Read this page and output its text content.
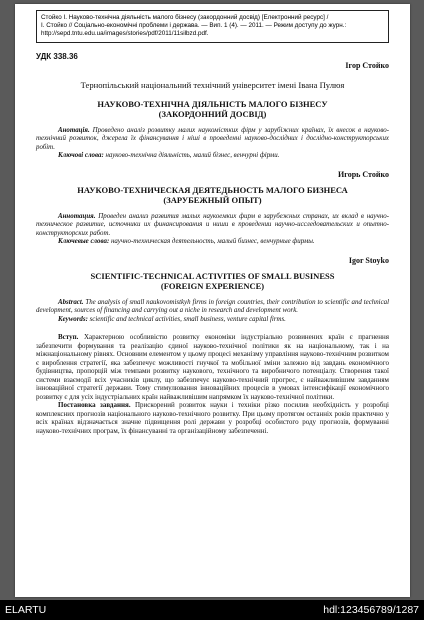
Стойко І. Науково-технічна діяльність малого бізнесу (закордонний досвід) [Електронний ресурс] /
І. Стойко // Соціально-економічні проблеми і держава. — Вип. 1 (4). — 2011. — Режим доступу до журн.:
http://sepd.tntu.edu.ua/images/stories/pdf/2011/11silbzd.pdf.
УДК 338.36
Ігор Стойко
Тернопільський національний технічний університет імені Івана Пулюя
НАУКОВО-ТЕХНІЧНА ДІЯЛЬНІСТЬ МАЛОГО БІЗНЕСУ
(ЗАКОРДОННИЙ ДОСВІД)
Анотація. Проведено аналіз розвитку малих наукомістких фірм у зарубіжних країнах, їх внесок в науково-технічний розвиток, джерела їх фінансування і ніші в проведенні науково-дослідних і дослідно-конструкторських робіт.
Ключові слова: науково-технічна діяльність, малий бізнес, венчурні фірми.
Игорь Стойко
НАУКОВО-ТЕХНИЧЕСКАЯ ДЕЯТЕДЬНОСТЬ МАЛОГО БИЗНЕСА
(ЗАРУБЕЖНЫЙ ОПЫТ)
Аннотация. Проведен анализ развития малых наукоемких фирм в зарубежных странах, их вклад в научно-техническое развитие, источники их финансирования и ниши в проведении научно-исследовательских и опытно-конструкторских работ.
Ключевые слова: научно-техническая деятельность, малый бизнес, венчурные фирмы.
Igor Stoyko
SCIENTIFIC-TECHNICAL ACTIVITIES OF SMALL BUSINESS
(FOREIGN EXPERIENCE)
Abstract. The analysis of small naukovomistkyh firms in foreign countries, their contribution to scientific and technical development, sources of financing and carrying out a niche in research and development work.
Keywords: scientific and technical activities, small business, venture capital firms.
Вступ. Характерною особливістю розвитку економіки індустріально розвинених країн є прагнення забезпечити формування та реалізацію єдиної науково-технічної політики як на національному, так і на міжнаціональному рівнях. Основним елементом у цьому процесі механізму управління науково-технічним розвитком є вироблення стратегії, яка забезпечує можливості гнучкої та мобільної зміни залежно від завдань економічного будівництва, пропорцій між темпами розвитку наукового, технічного та виробничого потенціалу. Створення такої системи взаємодії всіх учасників циклу, що забезпечує науково-технічний прогрес, є найважливішим завданням інноваційної стратегії держави. Тому стимулювання інноваційних процесів в умовах інтенсифікації економічного розвитку є для усіх індустріальних країн найважливішим напрямком їх науково-технічної політики.
Постановка завдання. Прискорений розвиток науки і техніки різко посилив необхідність у розробці комплексних прогнозів національного науково-технічного розвитку. При цьому протягом останніх років практично у всіх країнах відзначається значне підвищення ролі держави у розробці особистого роду прогнозів, формуванні науково-технічних програм, їх фінансуванні та організаційному забезпеченні.
ELARTU	hdl:123456789/1287
